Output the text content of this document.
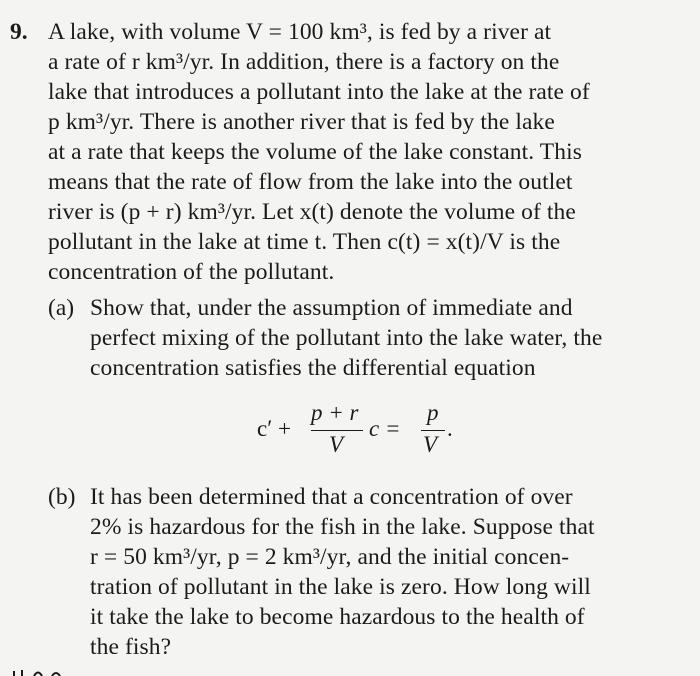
9. A lake, with volume V = 100 km³, is fed by a river at
a rate of r km³/yr. In addition, there is a factory on the
lake that introduces a pollutant into the lake at the rate of
p km³/yr. There is another river that is fed by the lake
at a rate that keeps the volume of the lake constant. This
means that the rate of flow from the lake into the outlet
river is (p + r) km³/yr. Let x(t) denote the volume of the
pollutant in the lake at time t. Then c(t) = x(t)/V is the
concentration of the pollutant.
(a) Show that, under the assumption of immediate and
perfect mixing of the pollutant into the lake water, the
concentration satisfies the differential equation
c′ +
p + r
V
c =
p
V
.
(b) It has been determined that a concentration of over
2% is hazardous for the fish in the lake. Suppose that
r = 50 km³/yr, p = 2 km³/yr, and the initial concen-
tration of pollutant in the lake is zero. How long will
it take the lake to become hazardous to the health of
the fish?
